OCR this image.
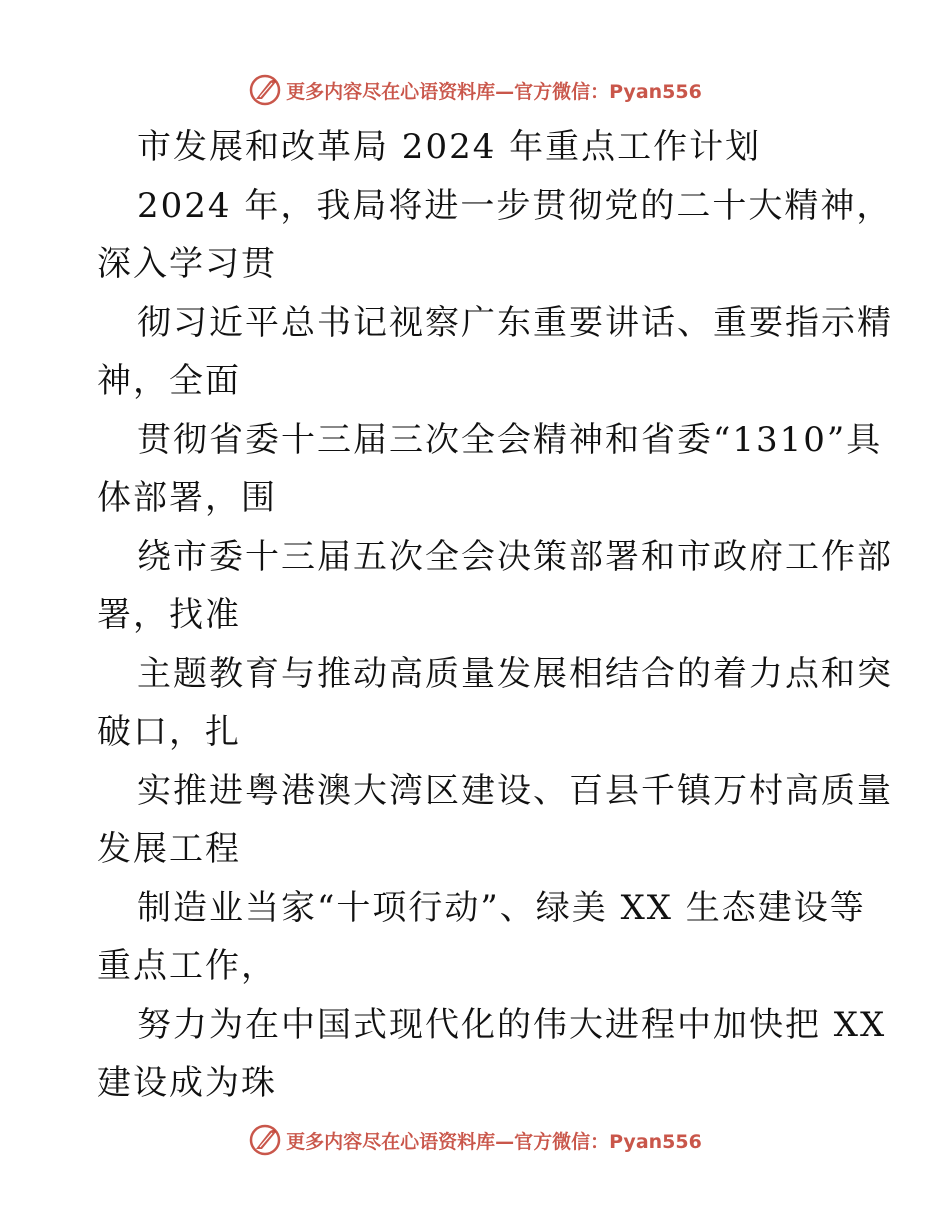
更多内容尽在心语资料库—官方微信：Pyan556
市发展和改革局 2024 年重点工作计划
2024 年，我局将进一步贯彻党的二十大精神，
深入学习贯
彻习近平总书记视察广东重要讲话、重要指示精
神，全面
贯彻省委十三届三次全会精神和省委“1310”具
体部署，围
绕市委十三届五次全会决策部署和市政府工作部
署，找准
主题教育与推动高质量发展相结合的着力点和突
破口，扎
实推进粤港澳大湾区建设、百县千镇万村高质量
发展工程
制造业当家“十项行动”、绿美 XX 生态建设等
重点工作，
努力为在中国式现代化的伟大进程中加快把 XX
建设成为珠
更多内容尽在心语资料库—官方微信：Pyan556
